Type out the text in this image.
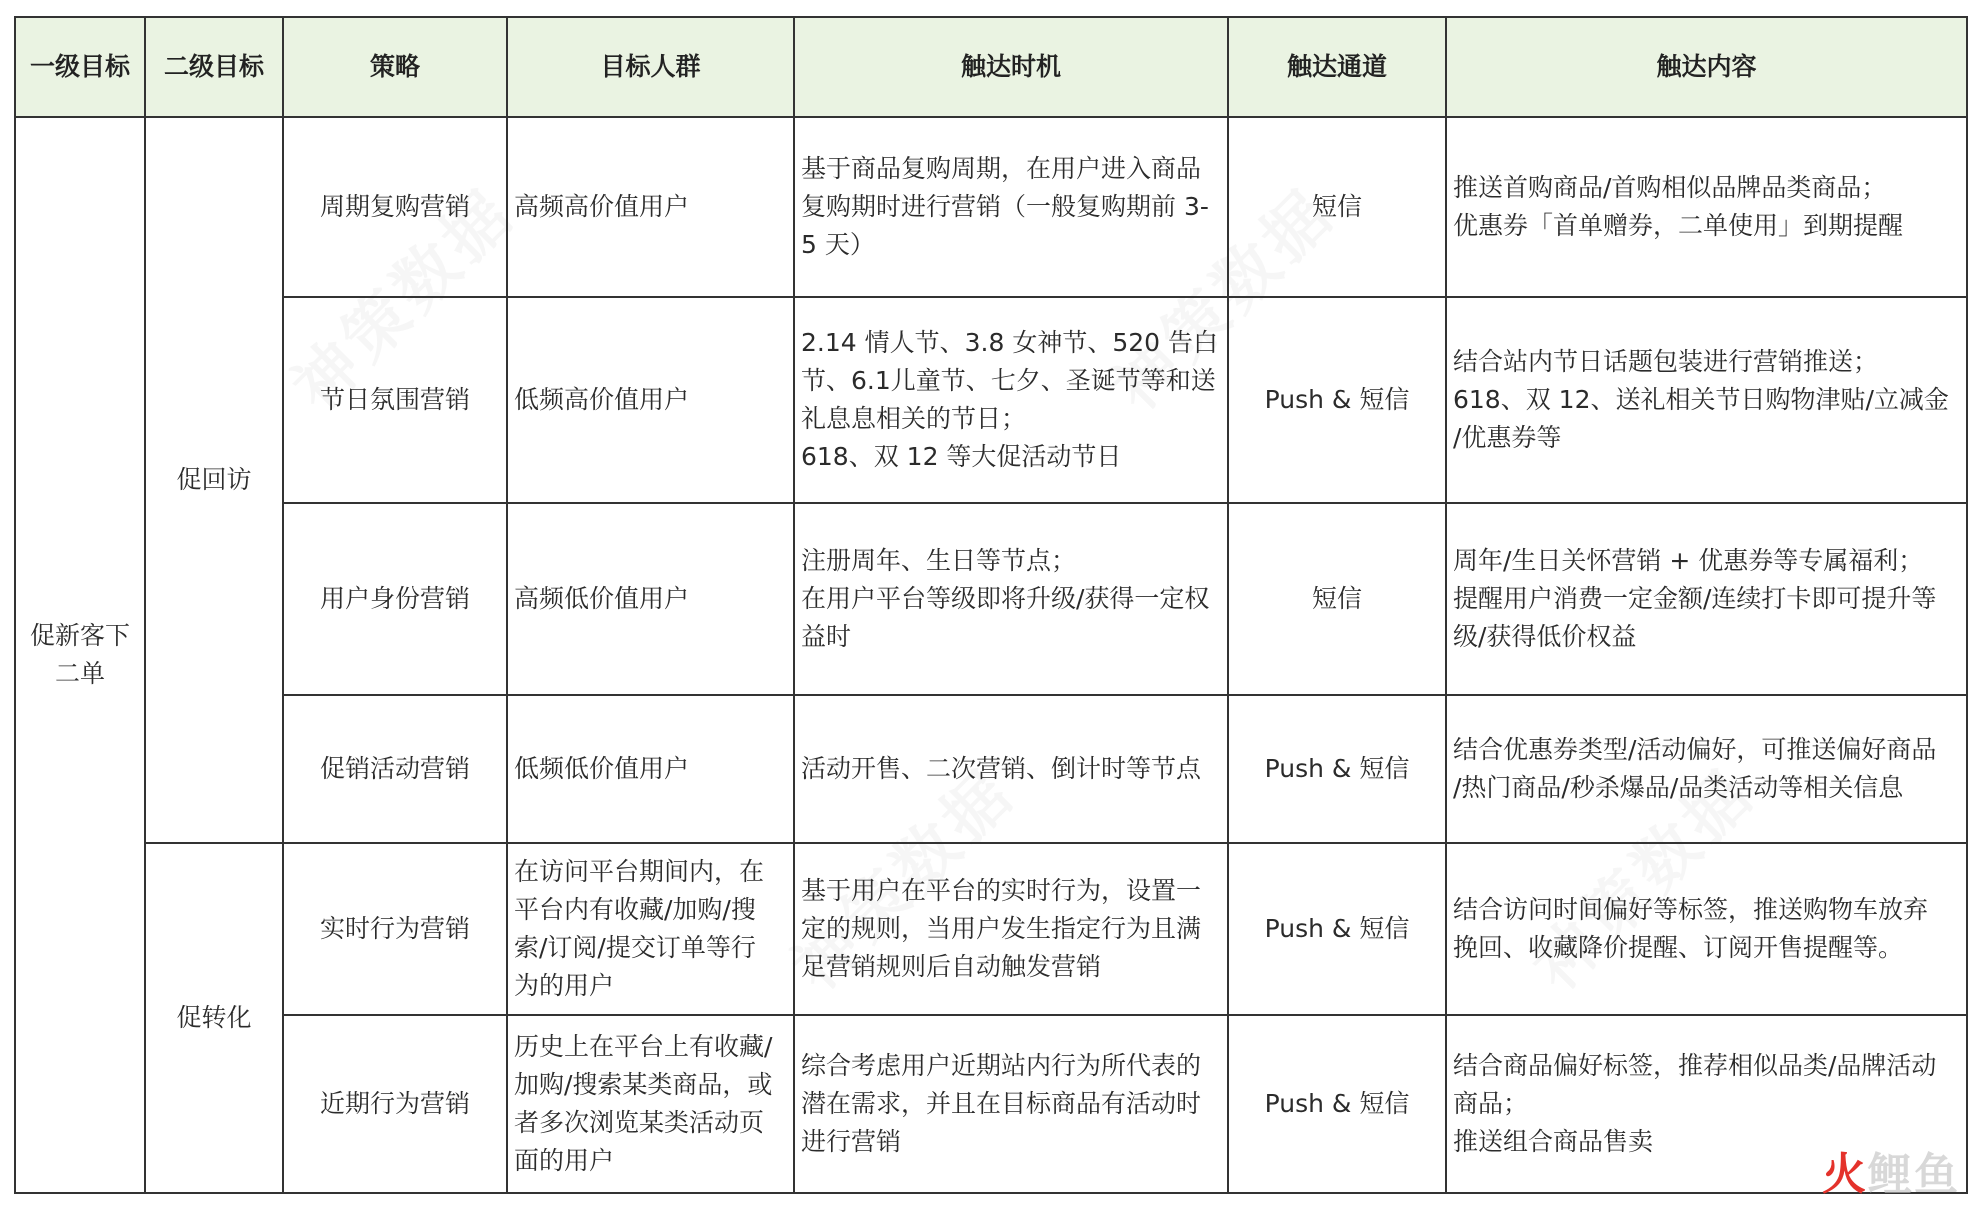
一级目标	二级目标	策略	目标人群	触达时机	触达通道	触达内容

促新客下
二单	促回访	周期复购营销	高频高价值用户	基于商品复购周期，在用户进入商品
复购期时进行营销（一般复购期前 3-
5 天）	短信	推送首购商品/首购相似品牌品类商品；
优惠券「首单赠券，二单使用」到期提醒

		节日氛围营销	低频高价值用户	2.14 情人节、3.8 女神节、520 告白
节、6.1儿童节、七夕、圣诞节等和送
礼息息相关的节日；
618、双 12 等大促活动节日	Push & 短信	结合站内节日话题包装进行营销推送；
618、双 12、送礼相关节日购物津贴/立减金
/优惠券等

		用户身份营销	高频低价值用户	注册周年、生日等节点；
在用户平台等级即将升级/获得一定权
益时	短信	周年/生日关怀营销 + 优惠券等专属福利；
提醒用户消费一定金额/连续打卡即可提升等
级/获得低价权益

		促销活动营销	低频低价值用户	活动开售、二次营销、倒计时等节点	Push & 短信	结合优惠券类型/活动偏好，可推送偏好商品
/热门商品/秒杀爆品/品类活动等相关信息

	促转化	实时行为营销	在访问平台期间内，在
平台内有收藏/加购/搜
索/订阅/提交订单等行
为的用户	基于用户在平台的实时行为，设置一
定的规则，当用户发生指定行为且满
足营销规则后自动触发营销	Push & 短信	结合访问时间偏好等标签，推送购物车放弃
挽回、收藏降价提醒、订阅开售提醒等。

		近期行为营销	历史上在平台上有收藏/
加购/搜索某类商品，或
者多次浏览某类活动页
面的用户	综合考虑用户近期站内行为所代表的
潜在需求，并且在目标商品有活动时
进行营销	Push & 短信	结合商品偏好标签，推荐相似品类/品牌活动
商品；
推送组合商品售卖
火鲤鱼
